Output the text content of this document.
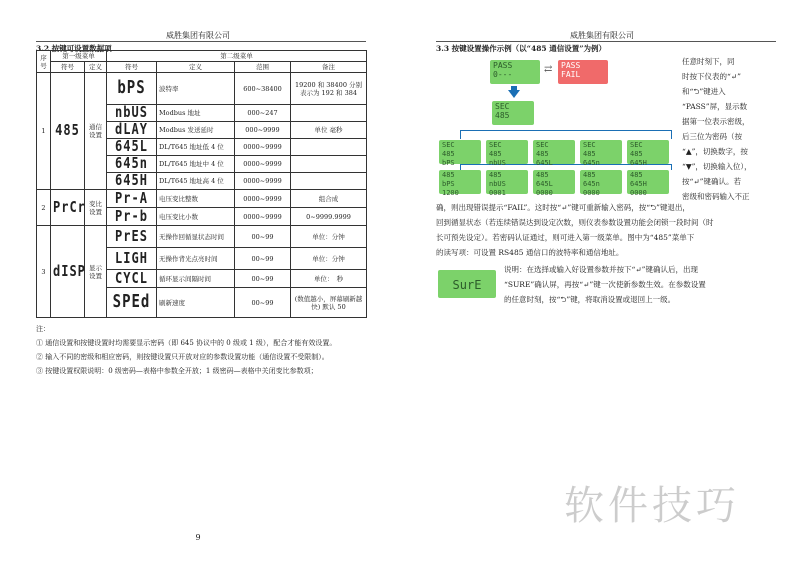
威胜集团有限公司
3.2 按键可设置数据项
序号	第一级菜单		第二级菜单			
	符号	定义	符号	定义	范围	备注
1	485	通信设置	bPS	波特率	600~38400	19200 和 38400 分别表示为 192 和 384
			nbUS	Modbus 地址	000~247	
			dLAY	Modbus 发送延时	000~9999	单位 毫秒
			645L	DL/T645 地址低 4 位	0000~9999	
			645n	DL/T645 地址中 4 位	0000~9999	
			645H	DL/T645 地址高 4 位	0000~9999	
2	PrCr	变比设置	Pr-A	电压变比整数	0000~9999	组合成
			Pr-b	电压变比小数	0000~9999	0~9999.9999
3	dISP	显示设置	PrES	无操作回循显状态时间	00~99	单位：分钟
			LIGH	无操作背光点亮时间	00~99	单位：分钟
			CYCL	循环显示间隔时间	00~99	单位：　秒
			SPEd	刷新速度	00~99	(数值越小，屏幕刷新越快) 默认 50
注：
① 通信设置和按键设置时均需要显示密码（即 645 协议中的 0 级或 1 级），配合才能有效设置。
② 输入不同的密级和相应密码，则按键设置只开放对应的参数设置功能（通信设置不受限制）。
③ 按键设置权限说明：0 级密码—表格中参数全开放；1 级密码—表格中关闭变比参数项；
9
威胜集团有限公司
3.3 按键设置操作示例（以“485 通信设置”为例）
PASS
0---	⇄ PASS
FAIL
SEC
485
SEC
485
bPS
SEC
485
nbUS
SEC
485
645L
SEC
485
645n
SEC
485
645H
485
bPS
1200
485
nbUS
0001
485
645L
0000
485
645n
0000
485
645H
0000
任意时刻下，同
时按下仪表的“↵”
和“⮌”键进入
“PASS”屏，显示数
据第一位表示密级，
后三位为密码（按
“▲”，切换数字，按
“▼”，切换输入位），
按“↵”键确认。若
密级和密码输入不正
确，则出现错误提示“FAIL”。这时按“↵”键可重新输入密码，按“⮌”键退出，
回到循显状态（若连续错误达到设定次数，则仪表参数设置功能会闭锁一段时间（时
长可预先设定）。若密码认证通过，则可进入第一级菜单。图中为“485”菜单下
的读写项：可设置 RS485 通信口的波特率和通信地址。
SurE
说明：在选择或输入好设置参数并按下“↵”键确认后，出现
“SURE”确认屏，再按“↵”键一次使新参数生效。在参数设置
的任意时刻，按“⮌”键，将取消设置或退回上一级。
软件技巧
